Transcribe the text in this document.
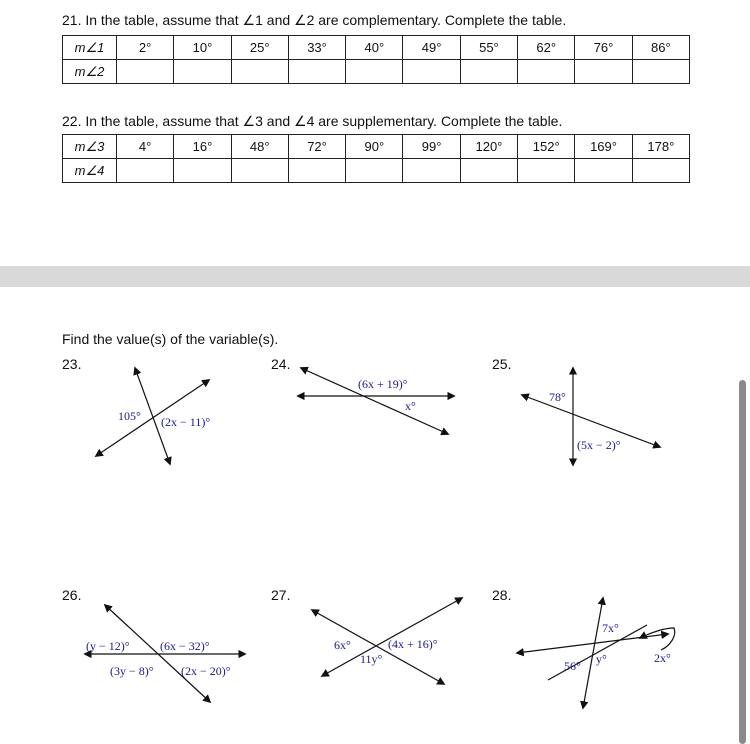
21. In the table, assume that ∠1 and ∠2 are complementary. Complete the table.
m∠1	2°	10°	25°	33°	40°	49°	55°	62°	76°	86°
m∠2										
22. In the table, assume that ∠3 and ∠4 are supplementary. Complete the table.
m∠3	4°	16°	48°	72°	90°	99°	120°	152°	169°	178°
m∠4										
Find the value(s) of the variable(s).
23.	24.	25.
26.	27.	28.
105° (2x − 11)°
(6x + 19)°
x°
78°
(5x − 2)°
(y − 12)°	(6x − 32)°
(3y − 8)° (2x − 20)°
6x°	(4x + 16)°
11y°
7x°
56° y°	2x°
